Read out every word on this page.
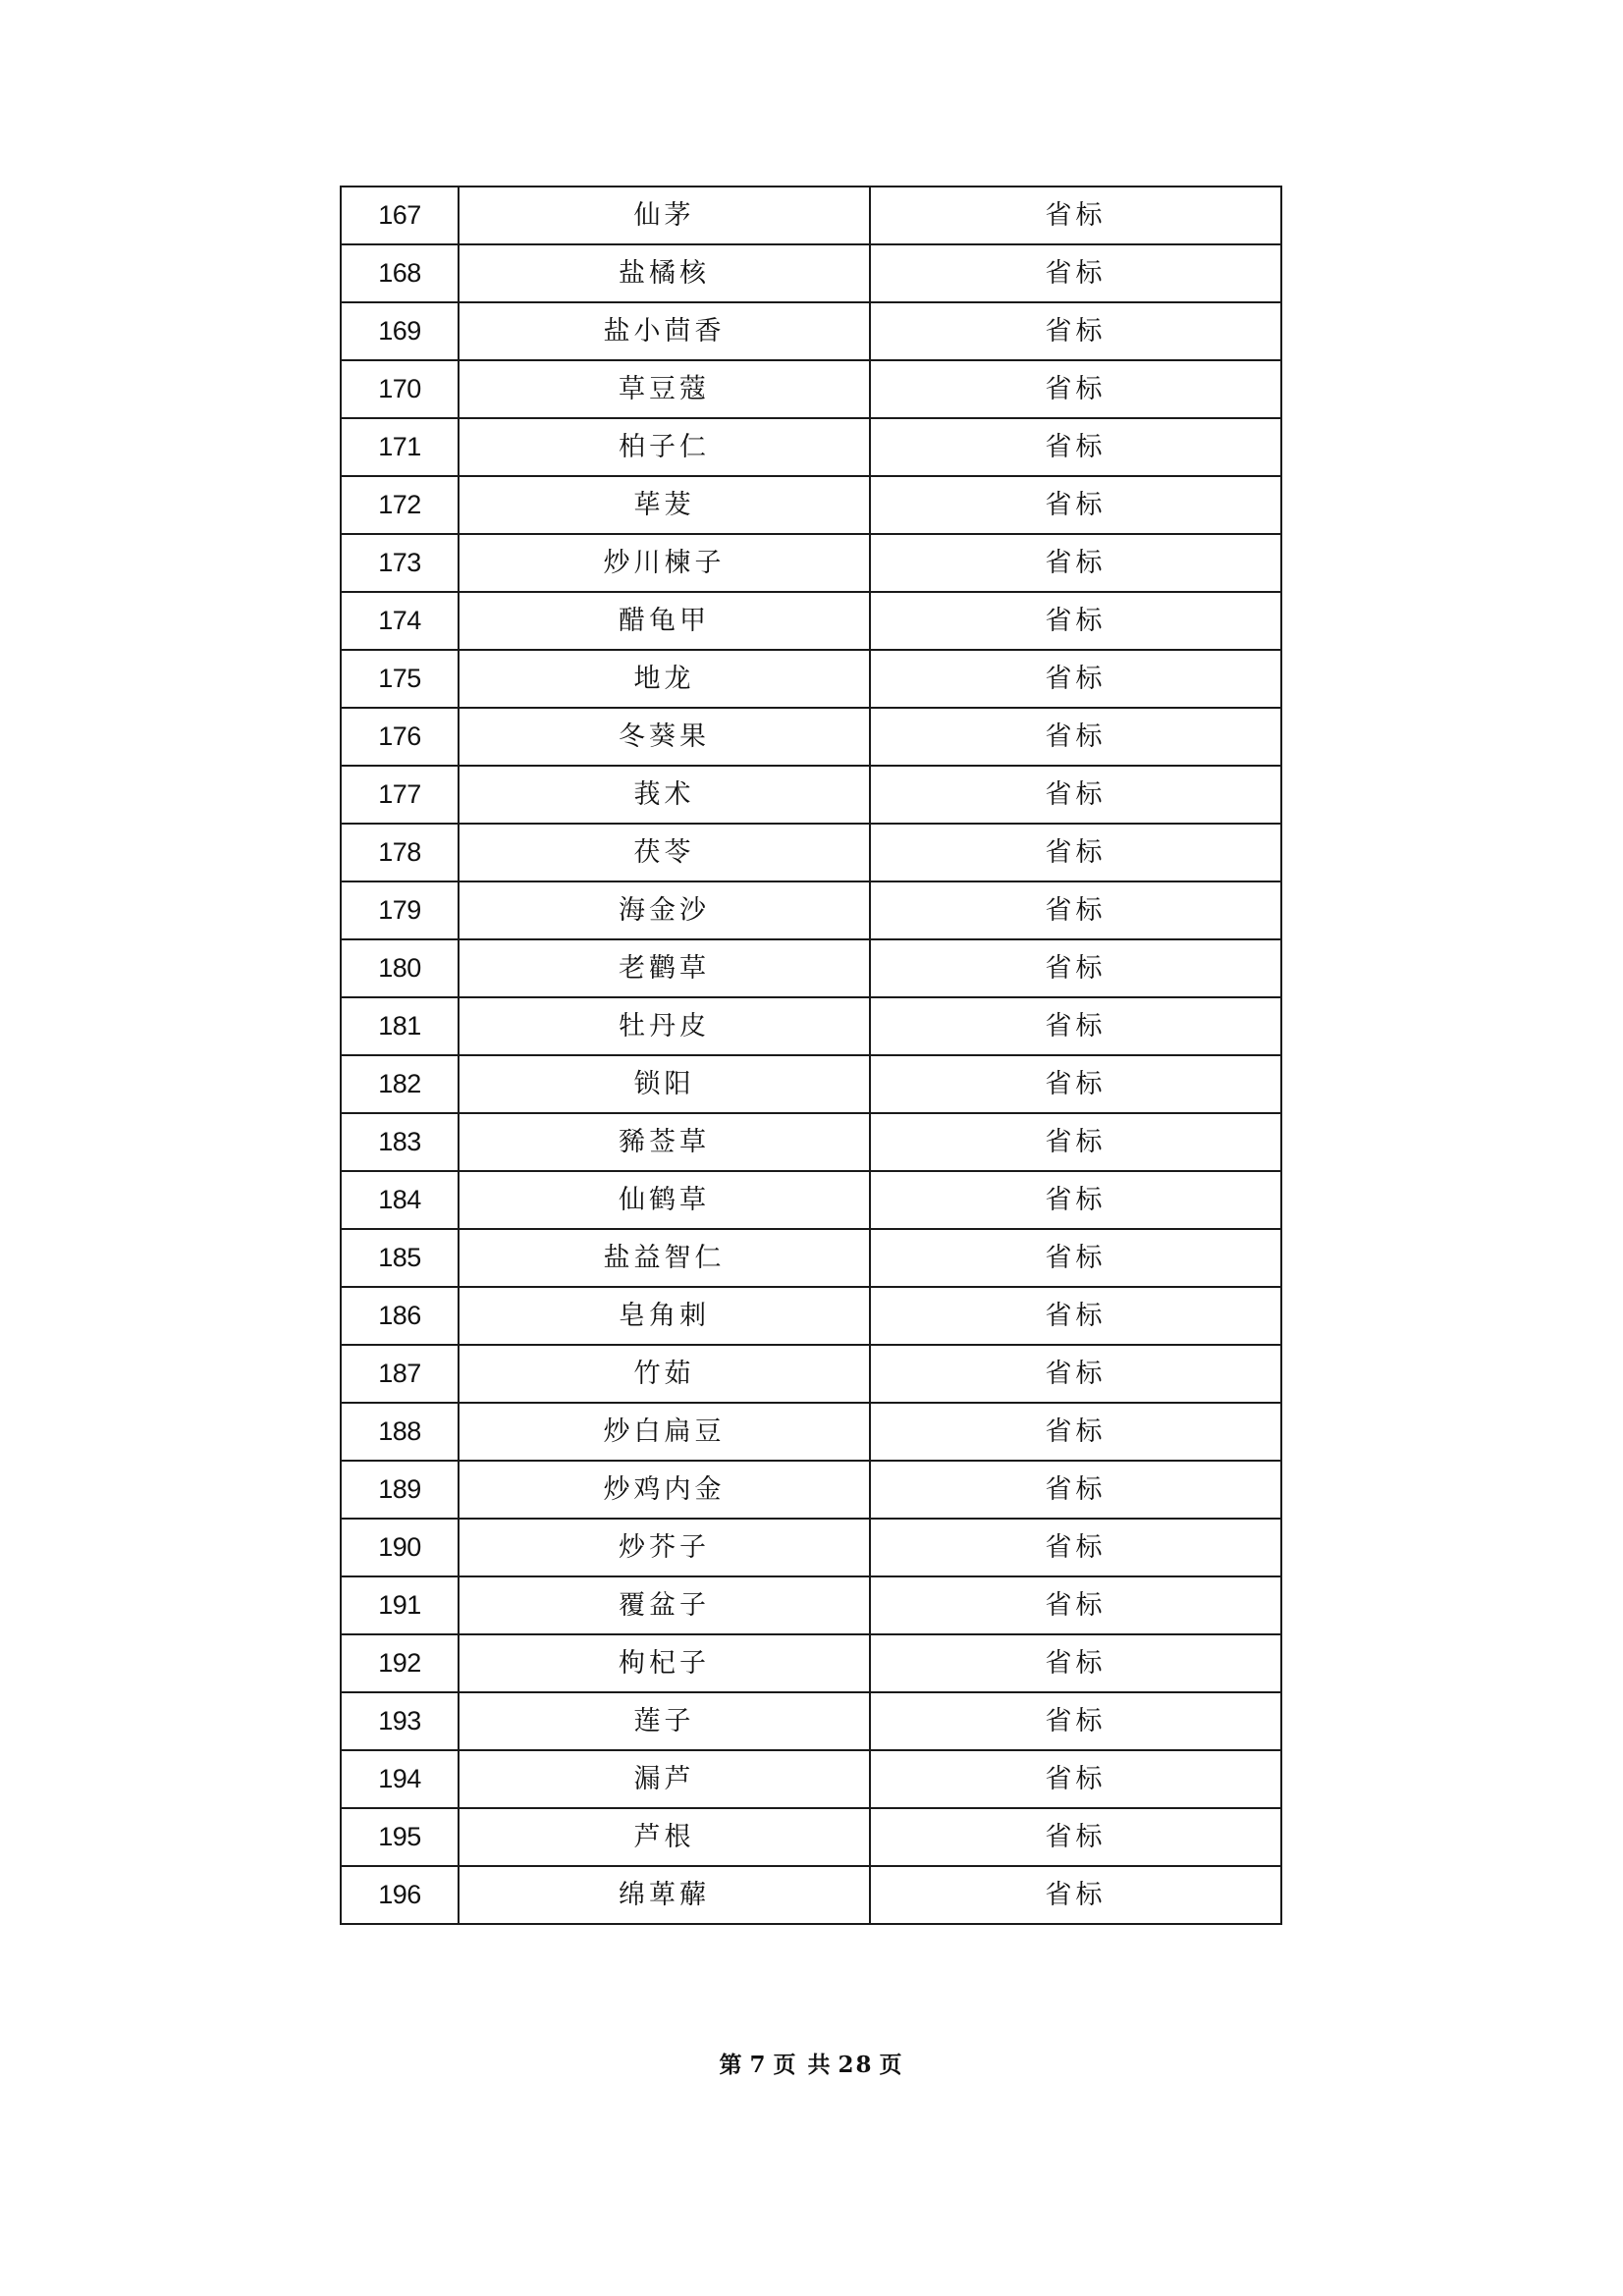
167	仙茅	省标
168	盐橘核	省标
169	盐小茴香	省标
170	草豆蔻	省标
171	柏子仁	省标
172	荜茇	省标
173	炒川楝子	省标
174	醋龟甲	省标
175	地龙	省标
176	冬葵果	省标
177	莪术	省标
178	茯苓	省标
179	海金沙	省标
180	老鹳草	省标
181	牡丹皮	省标
182	锁阳	省标
183	豨莶草	省标
184	仙鹤草	省标
185	盐益智仁	省标
186	皂角刺	省标
187	竹茹	省标
188	炒白扁豆	省标
189	炒鸡内金	省标
190	炒芥子	省标
191	覆盆子	省标
192	枸杞子	省标
193	莲子	省标
194	漏芦	省标
195	芦根	省标
196	绵萆薢	省标
第 7 页 共 28 页
